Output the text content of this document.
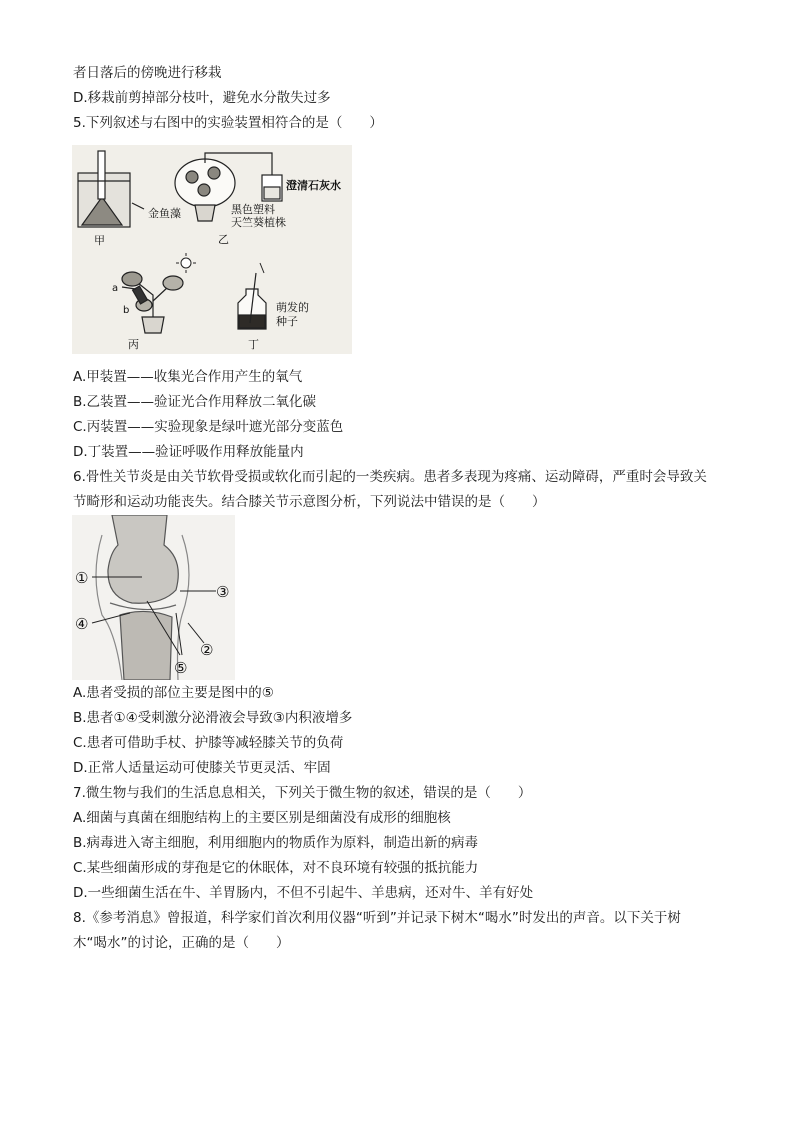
者日落后的傍晚进行移栽
D.移栽前剪掉部分枝叶，避免水分散失过多
5.下列叙述与右图中的实验装置相符合的是（　　）
金鱼藻
甲
澄清石灰水
黑色塑料
天竺葵植株
乙
a
b
丙
萌发的
种子
丁
A.甲装置——收集光合作用产生的氧气
B.乙装置——验证光合作用释放二氧化碳
C.丙装置——实验现象是绿叶遮光部分变蓝色
D.丁装置——验证呼吸作用释放能量内
6.骨性关节炎是由关节软骨受损或软化而引起的一类疾病。患者多表现为疼痛、运动障碍，严重时会导致关
节畸形和运动功能丧失。结合膝关节示意图分析，下列说法中错误的是（　　）
①
④
③
②
⑤
A.患者受损的部位主要是图中的⑤
B.患者①④受刺激分泌滑液会导致③内积液增多
C.患者可借助手杖、护膝等减轻膝关节的负荷
D.正常人适量运动可使膝关节更灵活、牢固
7.微生物与我们的生活息息相关，下列关于微生物的叙述，错误的是（　　）
A.细菌与真菌在细胞结构上的主要区别是细菌没有成形的细胞核
B.病毒进入寄主细胞，利用细胞内的物质作为原料，制造出新的病毒
C.某些细菌形成的芽孢是它的休眠体，对不良环境有较强的抵抗能力
D.一些细菌生活在牛、羊胃肠内，不但不引起牛、羊患病，还对牛、羊有好处
8.《参考消息》曾报道，科学家们首次利用仪器“听到”并记录下树木“喝水”时发出的声音。以下关于树
木“喝水”的讨论，正确的是（　　）
